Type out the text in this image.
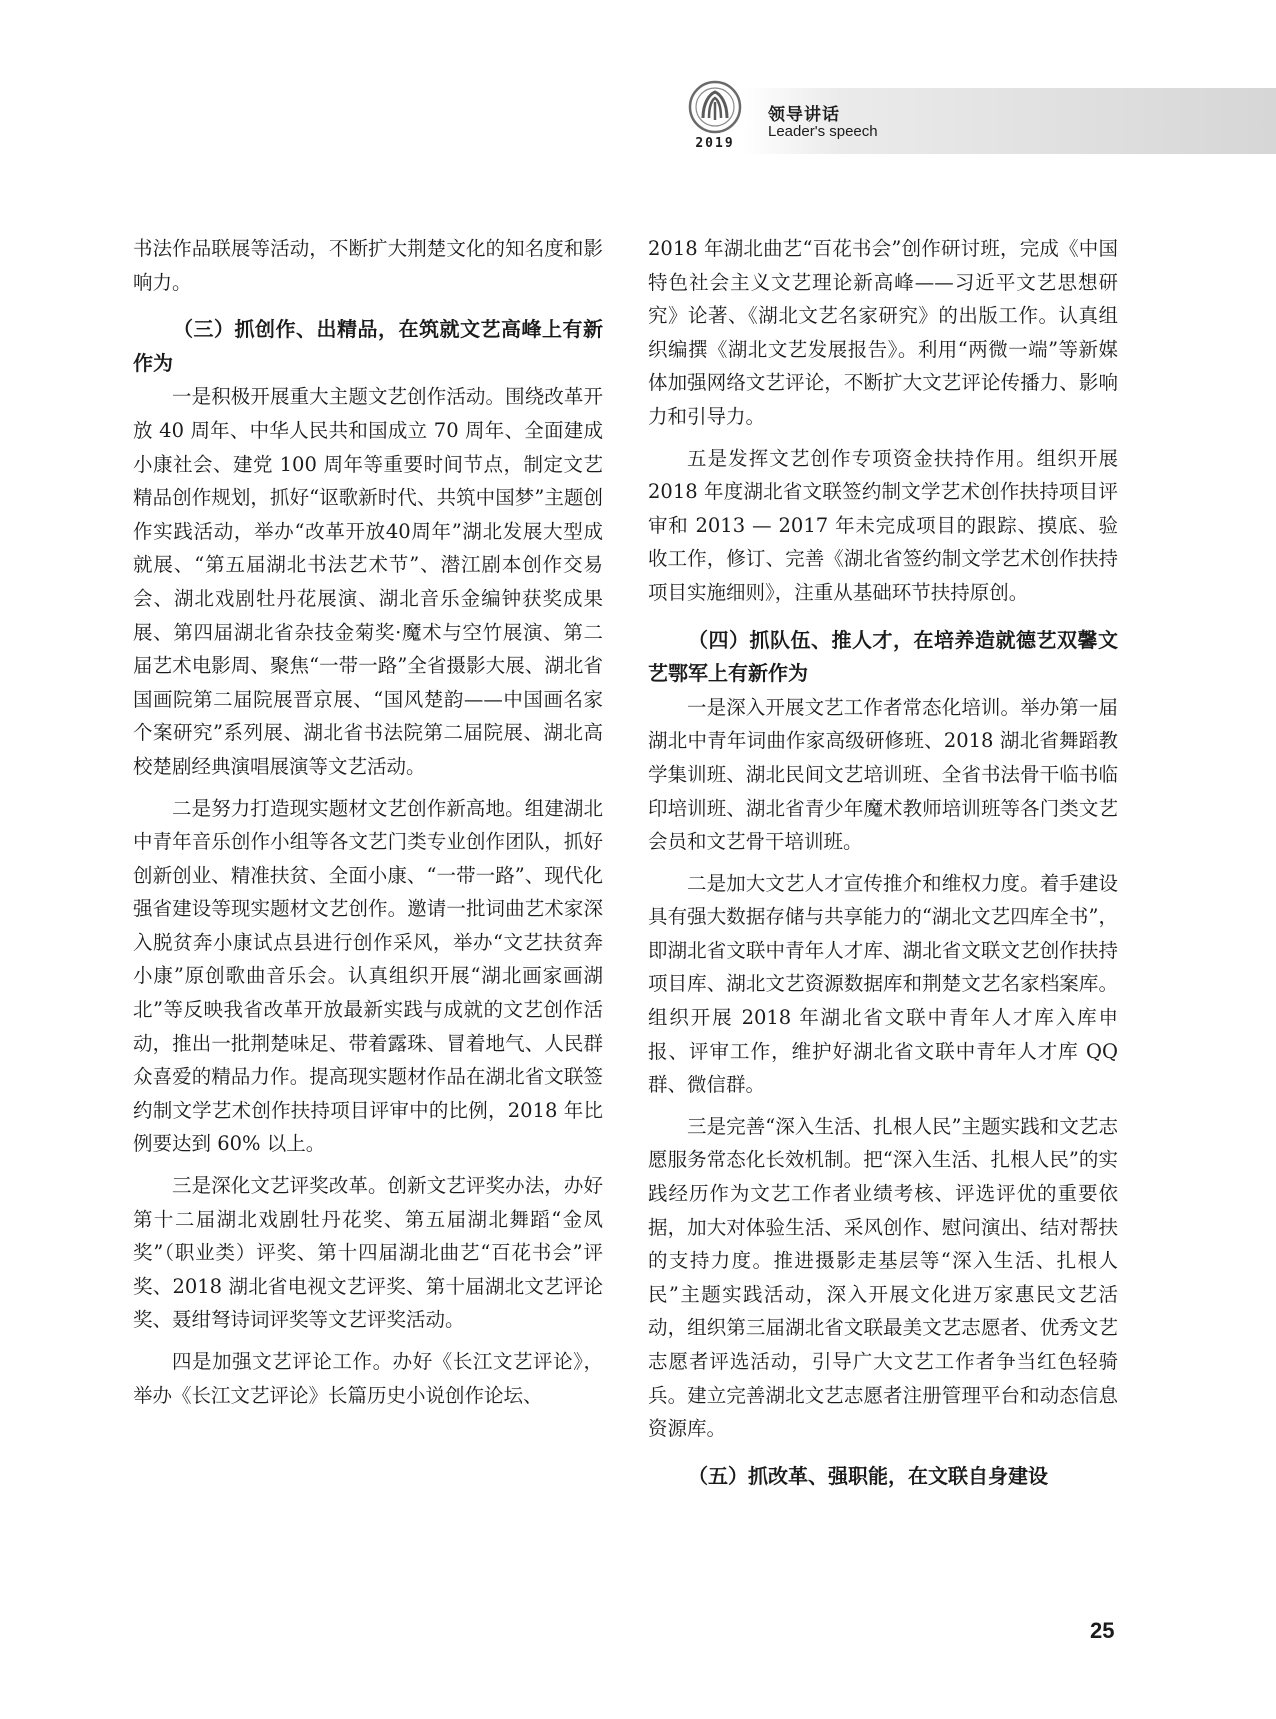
2019
领导讲话
Leader's speech

书法作品联展等活动，不断扩大荆楚文化的知名度和影响力。

（三）抓创作、出精品，在筑就文艺高峰上有新作为

一是积极开展重大主题文艺创作活动。围绕改革开放 40 周年、中华人民共和国成立 70 周年、全面建成小康社会、建党 100 周年等重要时间节点，制定文艺精品创作规划，抓好“讴歌新时代、共筑中国梦”主题创作实践活动，举办“改革开放40周年”湖北发展大型成就展、“第五届湖北书法艺术节”、潜江剧本创作交易会、湖北戏剧牡丹花展演、湖北音乐金编钟获奖成果展、第四届湖北省杂技金菊奖·魔术与空竹展演、第二届艺术电影周、聚焦“一带一路”全省摄影大展、湖北省国画院第二届院展晋京展、“国风楚韵——中国画名家个案研究”系列展、湖北省书法院第二届院展、湖北高校楚剧经典演唱展演等文艺活动。

二是努力打造现实题材文艺创作新高地。组建湖北中青年音乐创作小组等各文艺门类专业创作团队，抓好创新创业、精准扶贫、全面小康、“一带一路”、现代化强省建设等现实题材文艺创作。邀请一批词曲艺术家深入脱贫奔小康试点县进行创作采风，举办“文艺扶贫奔小康”原创歌曲音乐会。认真组织开展“湖北画家画湖北”等反映我省改革开放最新实践与成就的文艺创作活动，推出一批荆楚味足、带着露珠、冒着地气、人民群众喜爱的精品力作。提高现实题材作品在湖北省文联签约制文学艺术创作扶持项目评审中的比例，2018 年比例要达到 60% 以上。

三是深化文艺评奖改革。创新文艺评奖办法，办好第十二届湖北戏剧牡丹花奖、第五届湖北舞蹈“金凤奖”（职业类）评奖、第十四届湖北曲艺“百花书会”评奖、2018 湖北省电视文艺评奖、第十届湖北文艺评论奖、聂绀弩诗词评奖等文艺评奖活动。

四是加强文艺评论工作。办好《长江文艺评论》，举办《长江文艺评论》长篇历史小说创作论坛、

2018 年湖北曲艺“百花书会”创作研讨班，完成《中国特色社会主义文艺理论新高峰——习近平文艺思想研究》论著、《湖北文艺名家研究》的出版工作。认真组织编撰《湖北文艺发展报告》。利用“两微一端”等新媒体加强网络文艺评论，不断扩大文艺评论传播力、影响力和引导力。

五是发挥文艺创作专项资金扶持作用。组织开展 2018 年度湖北省文联签约制文学艺术创作扶持项目评审和 2013 — 2017 年未完成项目的跟踪、摸底、验收工作，修订、完善《湖北省签约制文学艺术创作扶持项目实施细则》，注重从基础环节扶持原创。

（四）抓队伍、推人才，在培养造就德艺双馨文艺鄂军上有新作为

一是深入开展文艺工作者常态化培训。举办第一届湖北中青年词曲作家高级研修班、2018 湖北省舞蹈教学集训班、湖北民间文艺培训班、全省书法骨干临书临印培训班、湖北省青少年魔术教师培训班等各门类文艺会员和文艺骨干培训班。

二是加大文艺人才宣传推介和维权力度。着手建设具有强大数据存储与共享能力的“湖北文艺四库全书”，即湖北省文联中青年人才库、湖北省文联文艺创作扶持项目库、湖北文艺资源数据库和荆楚文艺名家档案库。组织开展 2018 年湖北省文联中青年人才库入库申报、评审工作，维护好湖北省文联中青年人才库 QQ 群、微信群。

三是完善“深入生活、扎根人民”主题实践和文艺志愿服务常态化长效机制。把“深入生活、扎根人民”的实践经历作为文艺工作者业绩考核、评选评优的重要依据，加大对体验生活、采风创作、慰问演出、结对帮扶的支持力度。推进摄影走基层等“深入生活、扎根人民”主题实践活动，深入开展文化进万家惠民文艺活动，组织第三届湖北省文联最美文艺志愿者、优秀文艺志愿者评选活动，引导广大文艺工作者争当红色轻骑兵。建立完善湖北文艺志愿者注册管理平台和动态信息资源库。

（五）抓改革、强职能，在文联自身建设

25
